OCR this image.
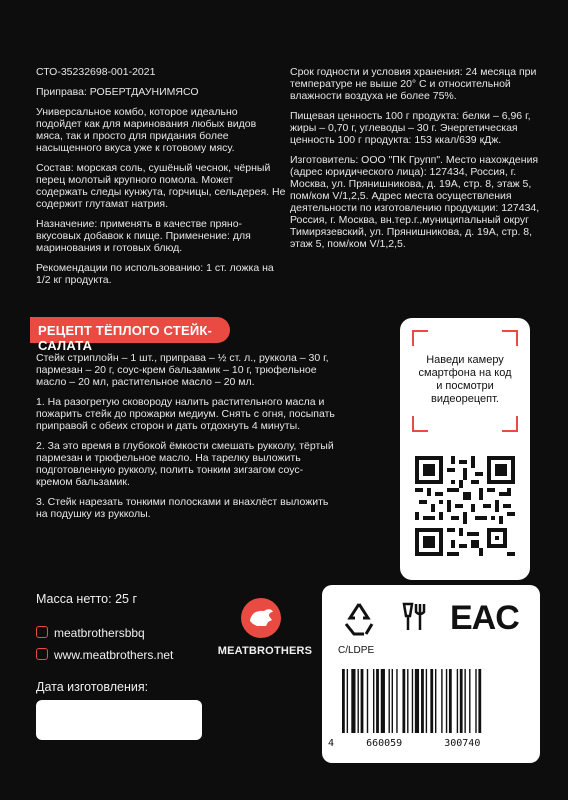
СТО-35232698-001-2021

Приправа: РОБЕРТДАУНИМЯСО

Универсальное комбо, которое идеально подойдет как для маринования любых видов мяса, так и просто для придания более насыщенного вкуса уже к готовому мясу.

Состав: морская соль, сушёный чеснок, чёрный перец молотый крупного помола. Может содержать следы кунжута, горчицы, сельдерея. Не содержит глутамат натрия.

Назначение: применять в качестве пряно-вкусовых добавок к пище. Применение: для маринования и готовых блюд.

Рекомендации по использованию: 1 ст. ложка на 1/2 кг продукта.

Срок годности и условия хранения: 24 месяца при температуре не выше 20° С и относительной влажности воздуха не более 75%.

Пищевая ценность 100 г продукта: белки – 6,96 г, жиры – 0,70 г, углеводы – 30 г. Энергетическая ценность 100 г продукта: 153 ккал/639 кДж.

Изготовитель: ООО "ПК Групп". Место нахождения (адрес юридического лица): 127434, Россия, г. Москва, ул. Прянишникова, д. 19А, стр. 8, этаж 5, пом/ком V/1,2,5. Адрес места осуществления деятельности по изготовлению продукции: 127434, Россия, г. Москва, вн.тер.г.,муниципальный округ Тимирязевский, ул. Прянишникова, д. 19А, стр. 8, этаж 5, пом/ком V/1,2,5.

РЕЦЕПТ ТЁПЛОГО СТЕЙК-САЛАТА

Стейк стриплойн – 1 шт., приправа – ½ ст. л., руккола – 30 г, пармезан – 20 г, соус-крем бальзамик – 10 г, трюфельное масло – 20 мл, растительное масло – 20 мл.

1. На разогретую сковороду налить растительного масла и пожарить стейк до прожарки медиум. Снять с огня, посыпать приправой с обеих сторон и дать отдохнуть 4 минуты.

2. За это время в глубокой ёмкости смешать рукколу, тёртый пармезан и трюфельное масло. На тарелку выложить подготовленную рукколу, полить тонким зигзагом соус-кремом бальзамик.

3. Стейк нарезать тонкими полосками и внахлёст выложить на подушку из рукколы.

Наведи камеру смартфона на код и посмотри видеорецепт.
Масса нетто: 25 г
meatbrothersbbq
www.meatbrothers.net	MEATBROTHERS
Дата изготовления:
EAC
C/LDPE
4	660059	300740
